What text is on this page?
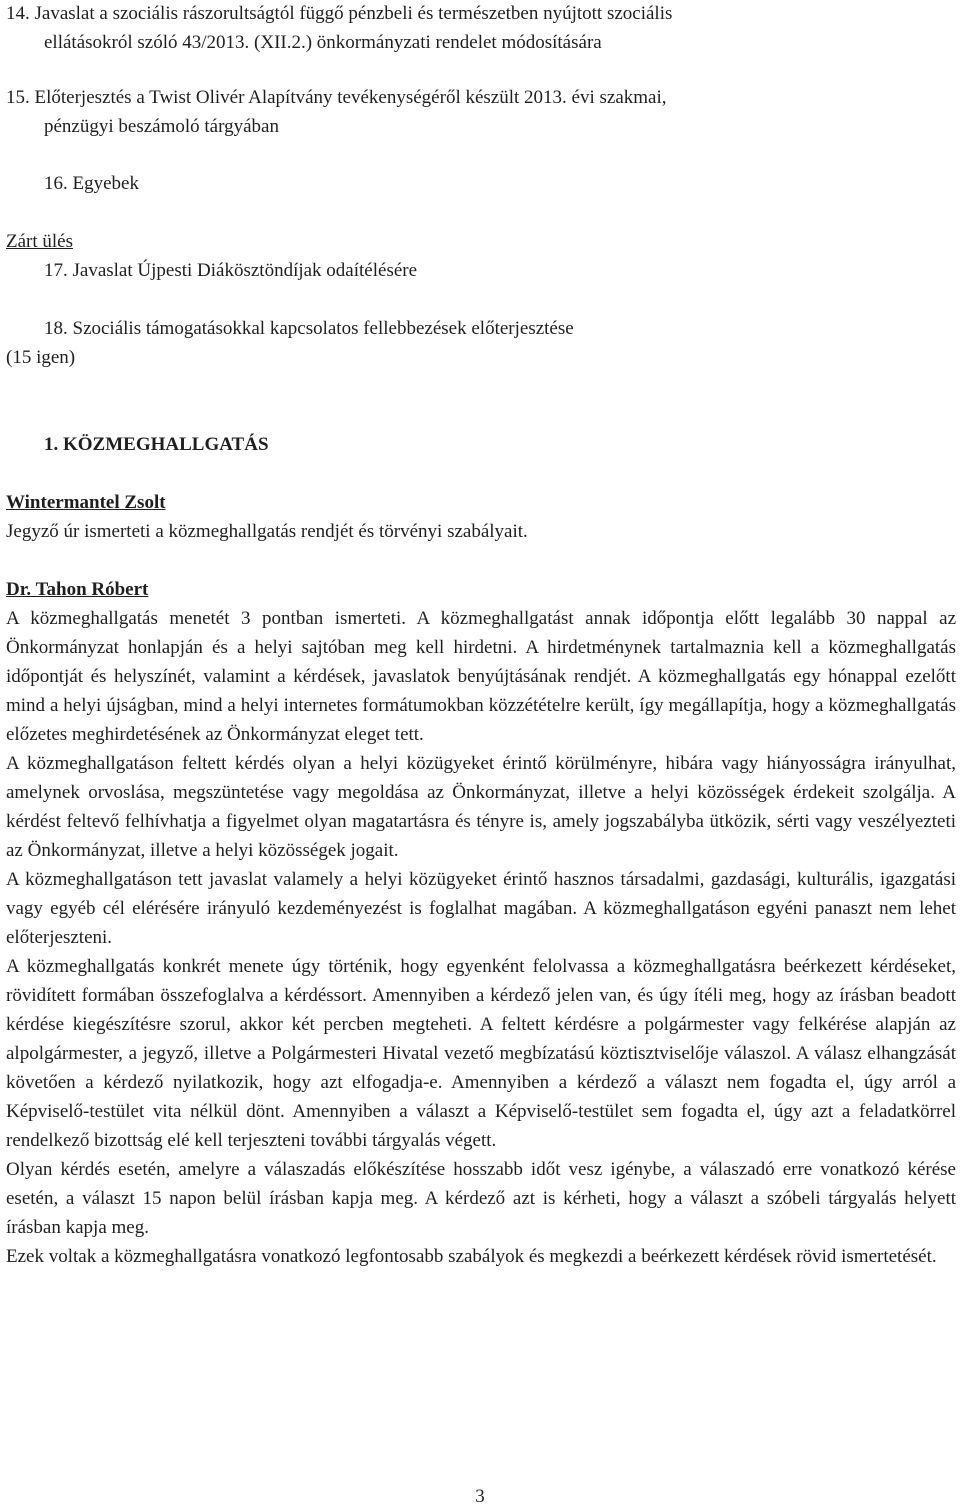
14. Javaslat a szociális rászorultságtól függő pénzbeli és természetben nyújtott szociális
ellátásokról szóló 43/2013. (XII.2.) önkormányzati rendelet módosítására
15. Előterjesztés a Twist Olivér Alapítvány tevékenységéről készült 2013. évi szakmai,
pénzügyi beszámoló tárgyában
16. Egyebek
Zárt ülés
17. Javaslat Újpesti Diákösztöndíjak odaítélésére
18. Szociális támogatásokkal kapcsolatos fellebbezések előterjesztése
(15 igen)
1. KÖZMEGHALLGATÁS
Wintermantel Zsolt
Jegyző úr ismerteti a közmeghallgatás rendjét és törvényi szabályait.
Dr. Tahon Róbert

A közmeghallgatás menetét 3 pontban ismerteti. A közmeghallgatást annak időpontja előtt legalább 30 nappal az Önkormányzat honlapján és a helyi sajtóban meg kell hirdetni. A hirdetménynek tartalmaznia kell a közmeghallgatás időpontját és helyszínét, valamint a kérdések, javaslatok benyújtásának rendjét. A közmeghallgatás egy hónappal ezelőtt mind a helyi újságban, mind a helyi internetes formátumokban közzétételre került, így megállapítja, hogy a közmeghallgatás előzetes meghirdetésének az Önkormányzat eleget tett.

A közmeghallgatáson feltett kérdés olyan a helyi közügyeket érintő körülményre, hibára vagy hiányosságra irányulhat, amelynek orvoslása, megszüntetése vagy megoldása az Önkormányzat, illetve a helyi közösségek érdekeit szolgálja. A kérdést feltevő felhívhatja a figyelmet olyan magatartásra és tényre is, amely jogszabályba ütközik, sérti vagy veszélyezteti az Önkormányzat, illetve a helyi közösségek jogait.

A közmeghallgatáson tett javaslat valamely a helyi közügyeket érintő hasznos társadalmi, gazdasági, kulturális, igazgatási vagy egyéb cél elérésére irányuló kezdeményezést is foglalhat magában. A közmeghallgatáson egyéni panaszt nem lehet előterjeszteni.

A közmeghallgatás konkrét menete úgy történik, hogy egyenként felolvassa a közmeghallgatásra beérkezett kérdéseket, rövidített formában összefoglalva a kérdéssort. Amennyiben a kérdező jelen van, és úgy ítéli meg, hogy az írásban beadott kérdése kiegészítésre szorul, akkor két percben megteheti. A feltett kérdésre a polgármester vagy felkérése alapján az alpolgármester, a jegyző, illetve a Polgármesteri Hivatal vezető megbízatású köztisztviselője válaszol. A válasz elhangzását követően a kérdező nyilatkozik, hogy azt elfogadja-e. Amennyiben a kérdező a választ nem fogadta el, úgy arról a Képviselő-testület vita nélkül dönt. Amennyiben a választ a Képviselő-testület sem fogadta el, úgy azt a feladatkörrel rendelkező bizottság elé kell terjeszteni további tárgyalás végett.

Olyan kérdés esetén, amelyre a válaszadás előkészítése hosszabb időt vesz igénybe, a válaszadó erre vonatkozó kérése esetén, a választ 15 napon belül írásban kapja meg. A kérdező azt is kérheti, hogy a választ a szóbeli tárgyalás helyett írásban kapja meg.

Ezek voltak a közmeghallgatásra vonatkozó legfontosabb szabályok és megkezdi a beérkezett kérdések rövid ismertetését.

3
